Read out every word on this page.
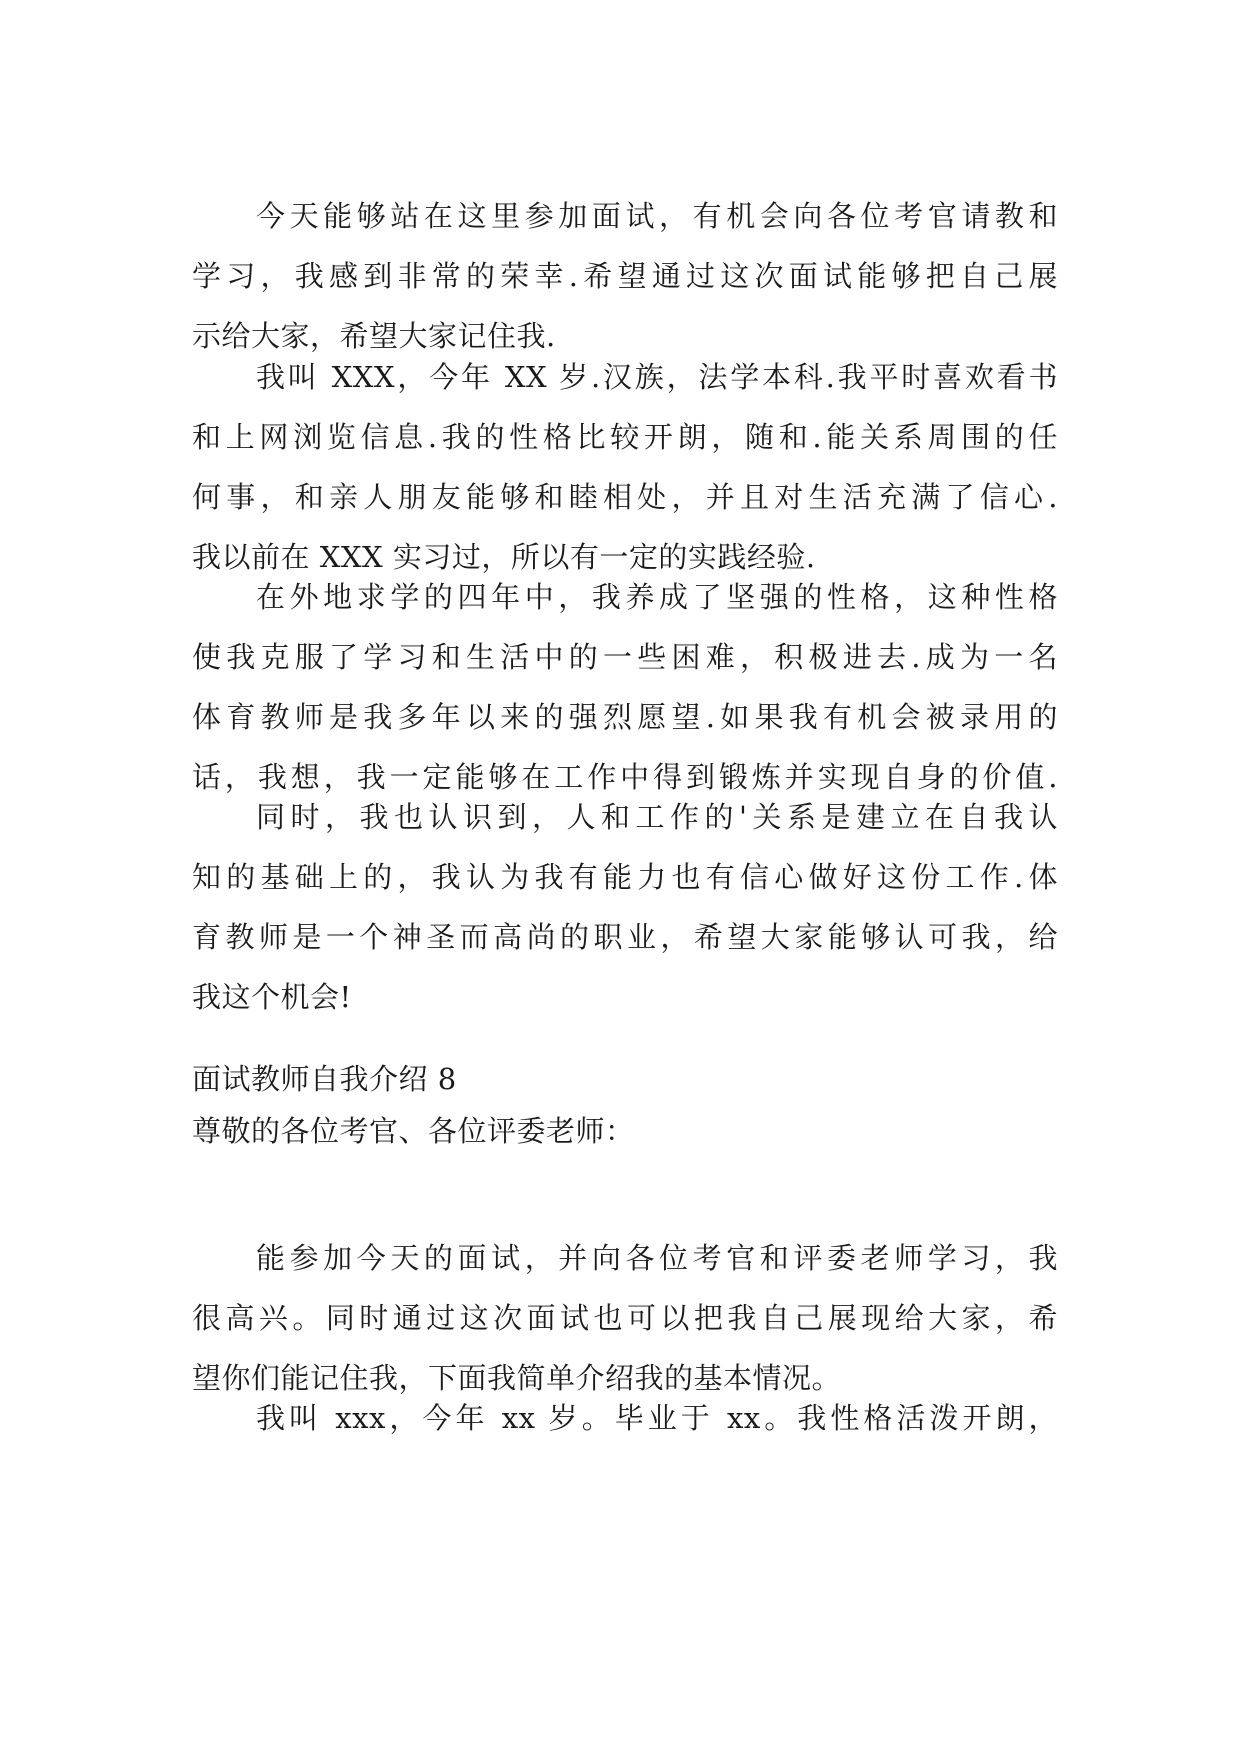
今天能够站在这里参加面试，有机会向各位考官请教和
学习，我感到非常的荣幸.希望通过这次面试能够把自己展
示给大家，希望大家记住我.
我叫 XXX，今年 XX 岁.汉族，法学本科.我平时喜欢看书
和上网浏览信息.我的性格比较开朗，随和.能关系周围的任
何事，和亲人朋友能够和睦相处，并且对生活充满了信心.
我以前在 XXX 实习过，所以有一定的实践经验.
在外地求学的四年中，我养成了坚强的性格，这种性格
使我克服了学习和生活中的一些困难，积极进去.成为一名
体育教师是我多年以来的强烈愿望.如果我有机会被录用的
话，我想，我一定能够在工作中得到锻炼并实现自身的价值.
同时，我也认识到，人和工作的'关系是建立在自我认
知的基础上的，我认为我有能力也有信心做好这份工作.体
育教师是一个神圣而高尚的职业，希望大家能够认可我，给
我这个机会!
面试教师自我介绍 8
尊敬的各位考官、各位评委老师：
能参加今天的面试，并向各位考官和评委老师学习，我
很高兴。同时通过这次面试也可以把我自己展现给大家，希
望你们能记住我，下面我简单介绍我的基本情况。
我叫 xxx，今年 xx 岁。毕业于 xx。我性格活泼开朗，
